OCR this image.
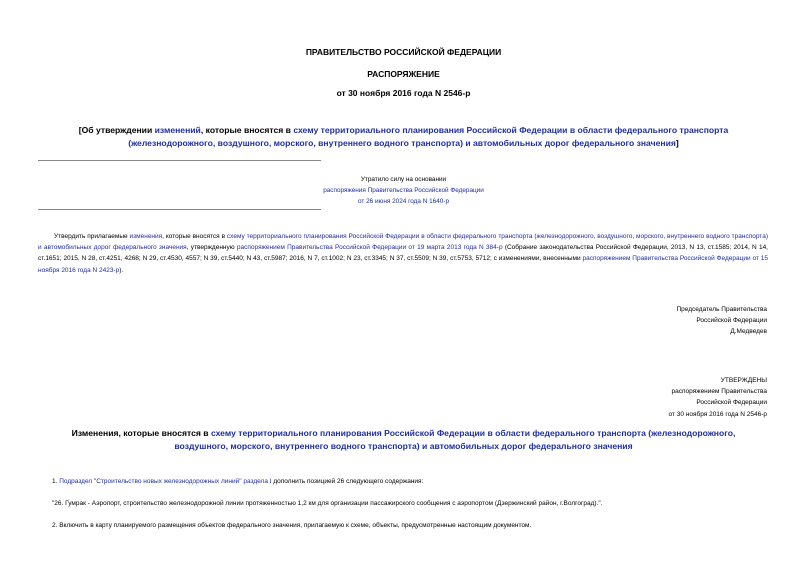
ПРАВИТЕЛЬСТВО РОССИЙСКОЙ ФЕДЕРАЦИИ
РАСПОРЯЖЕНИЕ
от 30 ноября 2016 года N 2546-р
[Об утверждении изменений, которые вносятся в схему территориального планирования Российской Федерации в области федерального транспорта (железнодорожного, воздушного, морского, внутреннего водного транспорта) и автомобильных дорог федерального значения]
Утратило силу на основании
распоряжения Правительства Российской Федерации
от 26 июня 2024 года N 1640-р
Утвердить прилагаемые изменения, которые вносятся в схему территориального планирования Российской Федерации в области федерального транспорта (железнодорожного, воздушного, морского, внутреннего водного транспорта) и автомобильных дорог федерального значения, утвержденную распоряжением Правительства Российской Федерации от 19 марта 2013 года N 384-р (Собрание законодательства Российской Федерации, 2013, N 13, ст.1585; 2014, N 14, ст.1651; 2015, N 28, ст.4251, 4268; N 29, ст.4530, 4557; N 39, ст.5440; N 43, ст.5987; 2016, N 7, ст.1002; N 23, ст.3345; N 37, ст.5509; N 39, ст.5753, 5712; с изменениями, внесенными распоряжением Правительства Российской Федерации от 15 ноября 2016 года N 2423-р).
Председатель Правительства
Российской Федерации
Д.Медведев
УТВЕРЖДЕНЫ
распоряжением Правительства
Российской Федерации
от 30 ноября 2016 года N 2546-р
Изменения, которые вносятся в схему территориального планирования Российской Федерации в области федерального транспорта (железнодорожного, воздушного, морского, внутреннего водного транспорта) и автомобильных дорог федерального значения
1. Подраздел "Строительство новых железнодорожных линий" раздела I дополнить позицией 26 следующего содержания:
"26. Гумрак - Аэропорт, строительство железнодорожной линии протяженностью 1,2 км для организации пассажирского сообщения с аэропортом (Дзержинский район, г.Волгоград).".
2. Включить в карту планируемого размещения объектов федерального значения, прилагаемую к схеме, объекты, предусмотренные настоящим документом.
